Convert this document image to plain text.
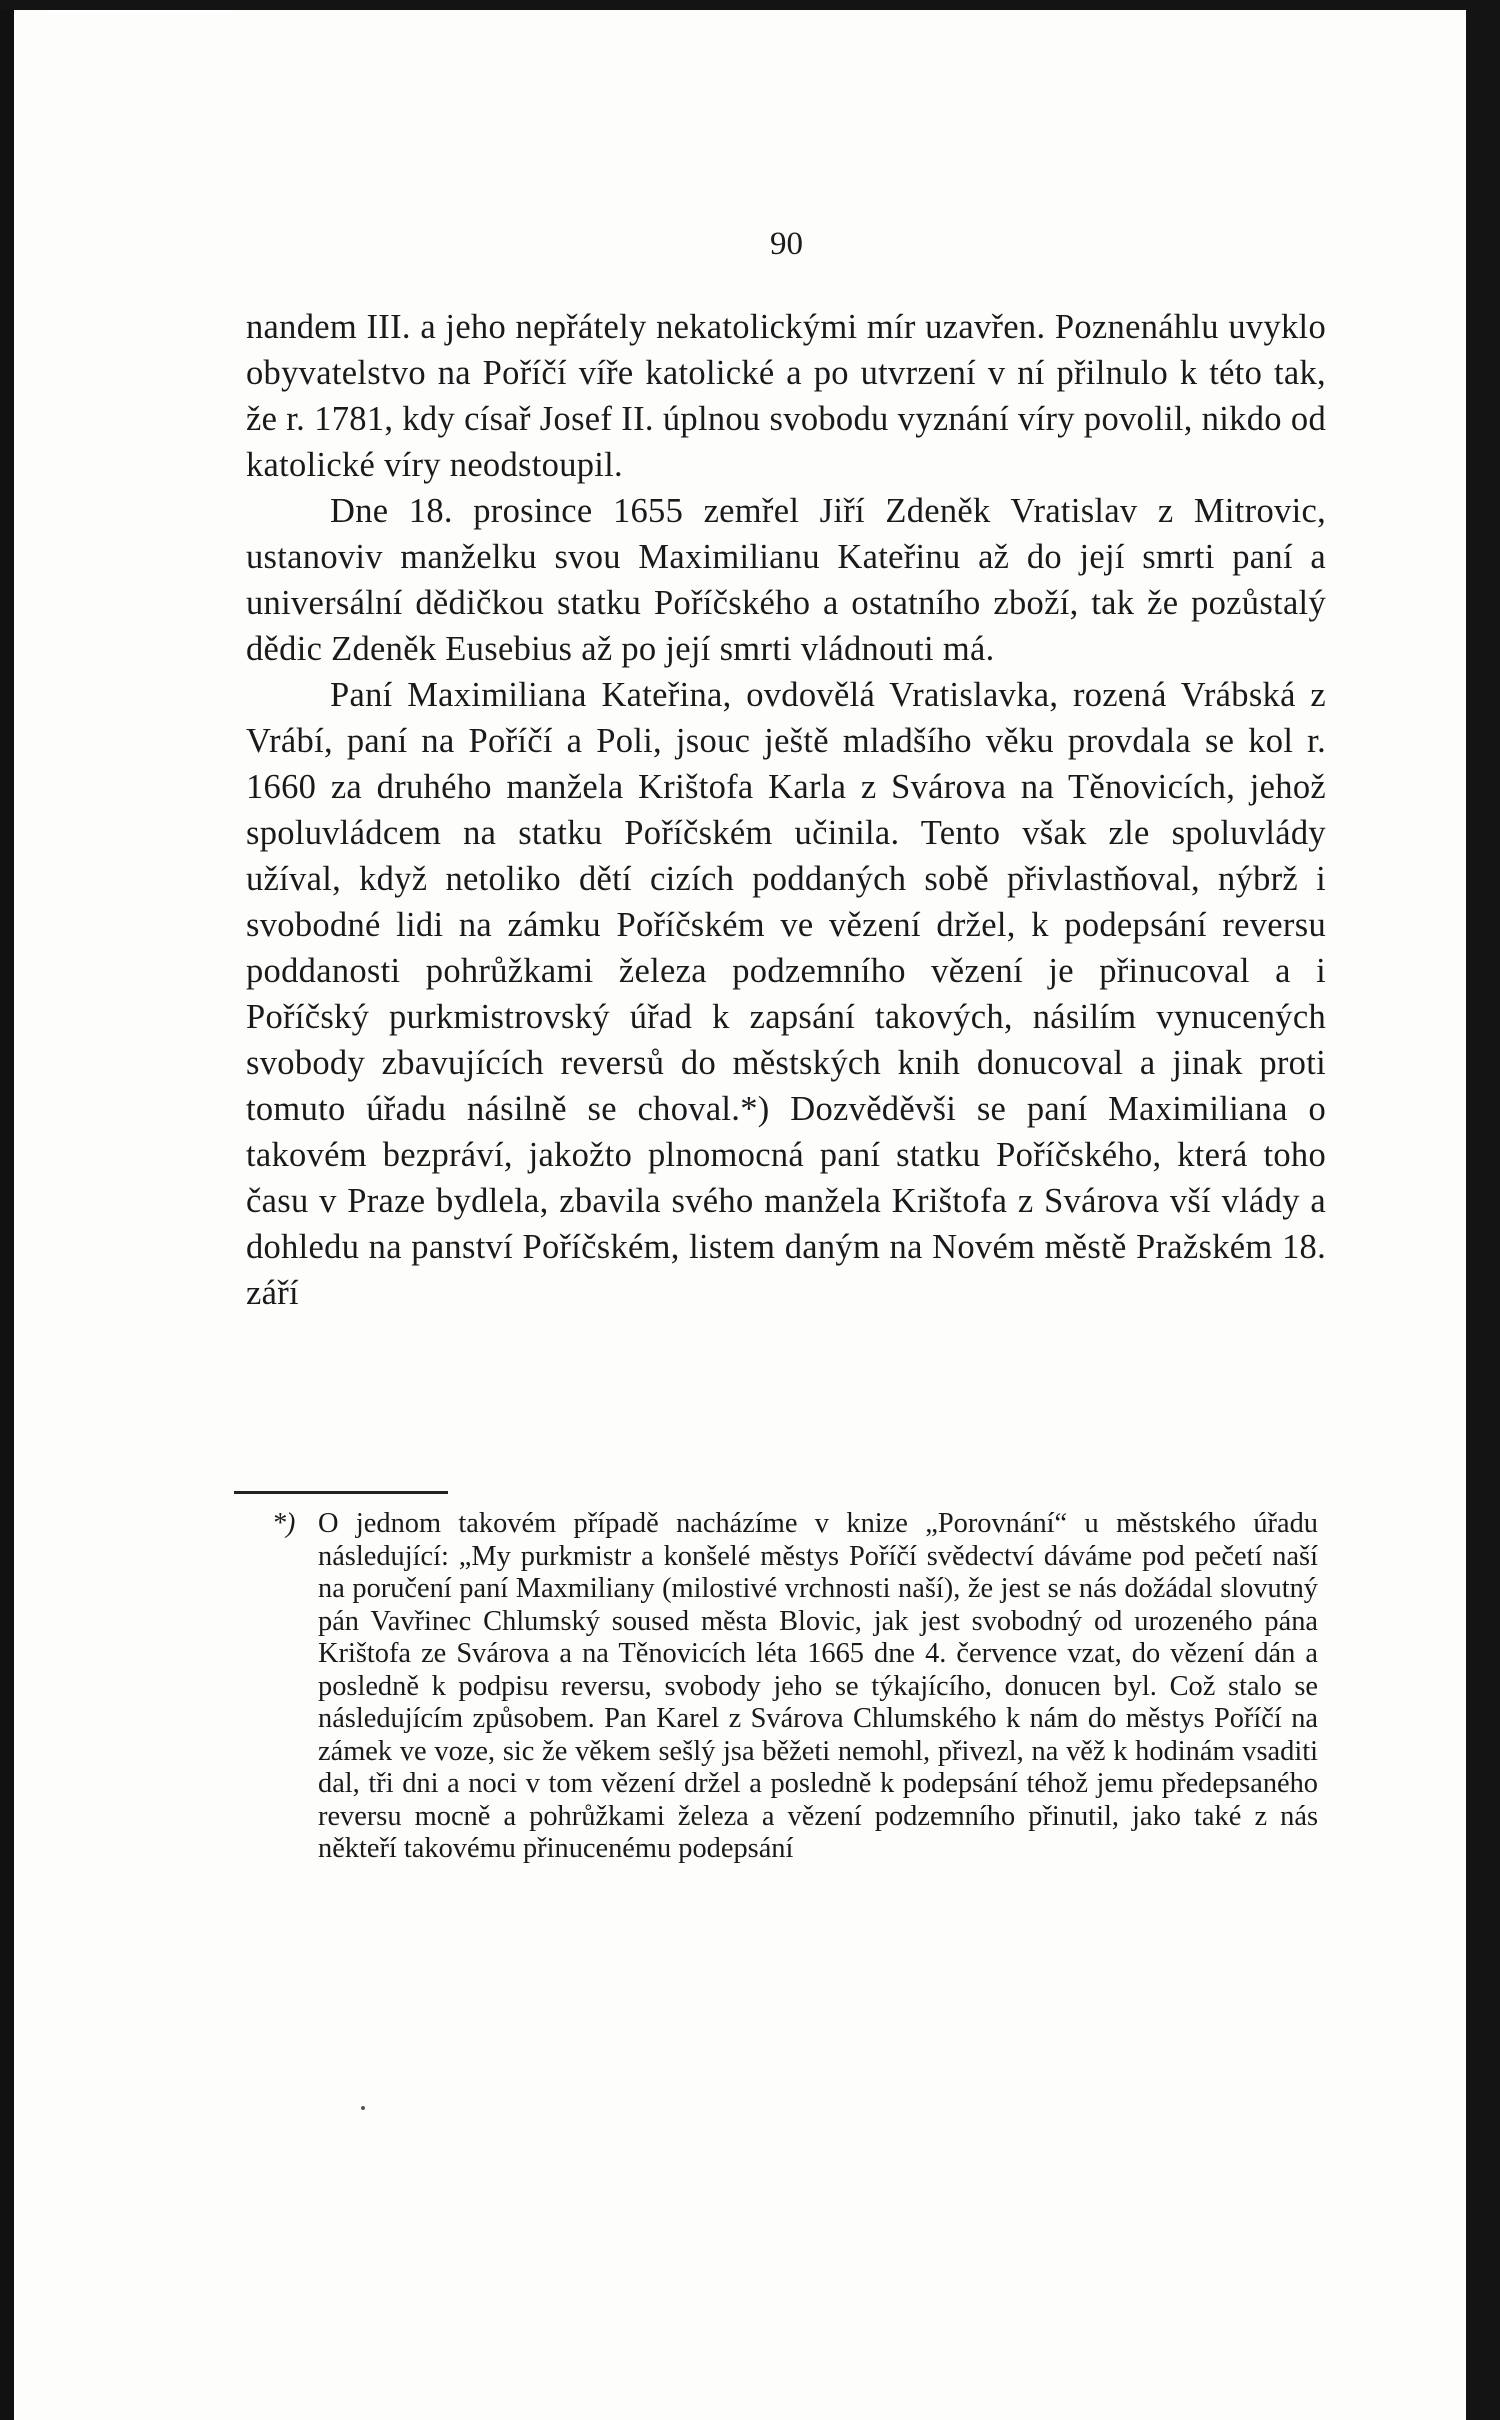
90

nandem III. a jeho nepřátely nekatolickými mír uzavřen. Poznenáhlu uvyklo obyvatelstvo na Poříčí víře katolické a po utvrzení v ní přilnulo k této tak, že r. 1781, kdy císař Josef II. úplnou svobodu vyznání víry povolil, nikdo od katolické víry neodstoupil.

Dne 18. prosince 1655 zemřel Jiří Zdeněk Vratislav z Mitrovic, ustanoviv manželku svou Maximilianu Kateřinu až do její smrti paní a universální dědičkou statku Poříčského a ostatního zboží, tak že pozůstalý dědic Zdeněk Eusebius až po její smrti vládnouti má.

Paní Maximiliana Kateřina, ovdovělá Vratislavka, rozená Vrábská z Vrábí, paní na Poříčí a Poli, jsouc ještě mladšího věku provdala se kol r. 1660 za druhého manžela Krištofa Karla z Svárova na Těnovicích, jehož spoluvládcem na statku Poříčském učinila. Tento však zle spoluvlády užíval, když netoliko dětí cizích poddaných sobě přivlastňoval, nýbrž i svobodné lidi na zámku Poříčském ve vězení držel, k podepsání reversu poddanosti pohrůžkami železa podzemního vězení je přinucoval a i Poříčský purkmistrovský úřad k zapsání takových, násilím vynucených svobody zbavujících reversů do městských knih donucoval a jinak proti tomuto úřadu násilně se choval.*) Dozvěděvši se paní Maximiliana o takovém bezpráví, jakožto plnomocná paní statku Poříčského, která toho času v Praze bydlela, zbavila svého manžela Krištofa z Svárova vší vlády a dohledu na panství Poříčském, listem daným na Novém městě Pražském 18. září

*) O jednom takovém případě nacházíme v knize „Porovnání“ u městského úřadu následující: „My purkmistr a konšelé městys Poříčí svědectví dáváme pod pečetí naší na poručení paní Maxmiliany (milostivé vrchnosti naší), že jest se nás dožádal slovutný pán Vavřinec Chlumský soused města Blovic, jak jest svobodný od urozeného pána Krištofa ze Svárova a na Těnovicích léta 1665 dne 4. července vzat, do vězení dán a posledně k podpisu reversu, svobody jeho se týkajícího, donucen byl. Což stalo se následujícím způsobem. Pan Karel z Svárova Chlumského k nám do městys Poříčí na zámek ve voze, sic že věkem sešlý jsa běžeti nemohl, přivezl, na věž k hodinám vsaditi dal, tři dni a noci v tom vězení držel a posledně k podepsání téhož jemu předepsaného reversu mocně a pohrůžkami železa a vězení podzemního přinutil, jako také z nás někteří takovému přinucenému podepsání
